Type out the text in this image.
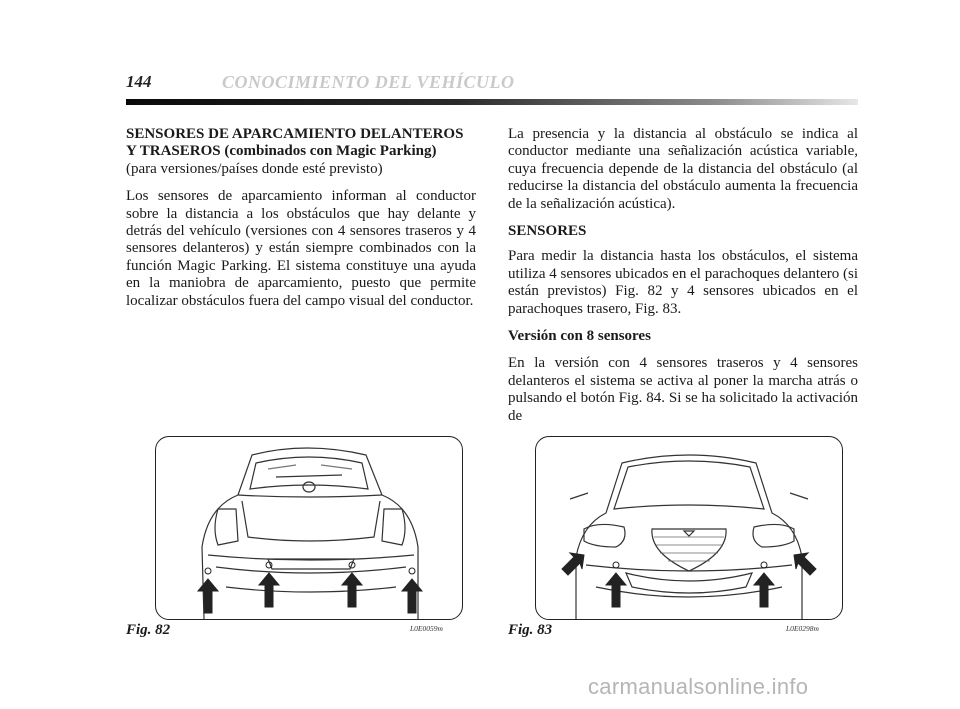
144	CONOCIMIENTO DEL VEHÍCULO
SENSORES DE APARCAMIENTO DELANTEROS
Y TRASEROS (combinados con Magic Parking)
(para versiones/países donde esté previsto)

Los sensores de aparcamiento informan al conductor sobre la distancia a los obstáculos que hay delante y detrás del vehículo (versiones con 4 sensores traseros y 4 sensores delanteros) y están siempre combinados con la función Magic Parking. El sistema constituye una ayuda en la maniobra de aparcamiento, puesto que permite localizar obstáculos fuera del campo visual del conductor.

La presencia y la distancia al obstáculo se indica al conductor mediante una señalización acústica variable, cuya frecuencia depende de la distancia del obstáculo (al reducirse la distancia del obstáculo aumenta la frecuencia de la señalización acústica).

SENSORES

Para medir la distancia hasta los obstáculos, el sistema utiliza 4 sensores ubicados en el parachoques delantero (si están previstos) Fig. 82 y 4 sensores ubicados en el parachoques trasero, Fig. 83.

Versión con 8 sensores

En la versión con 4 sensores traseros y 4 sensores delanteros el sistema se activa al poner la marcha atrás o pulsando el botón Fig. 84. Si se ha solicitado la activación de

Fig. 82	L0E0059m	Fig. 83	L0E0298m
carmanualsonline.info
